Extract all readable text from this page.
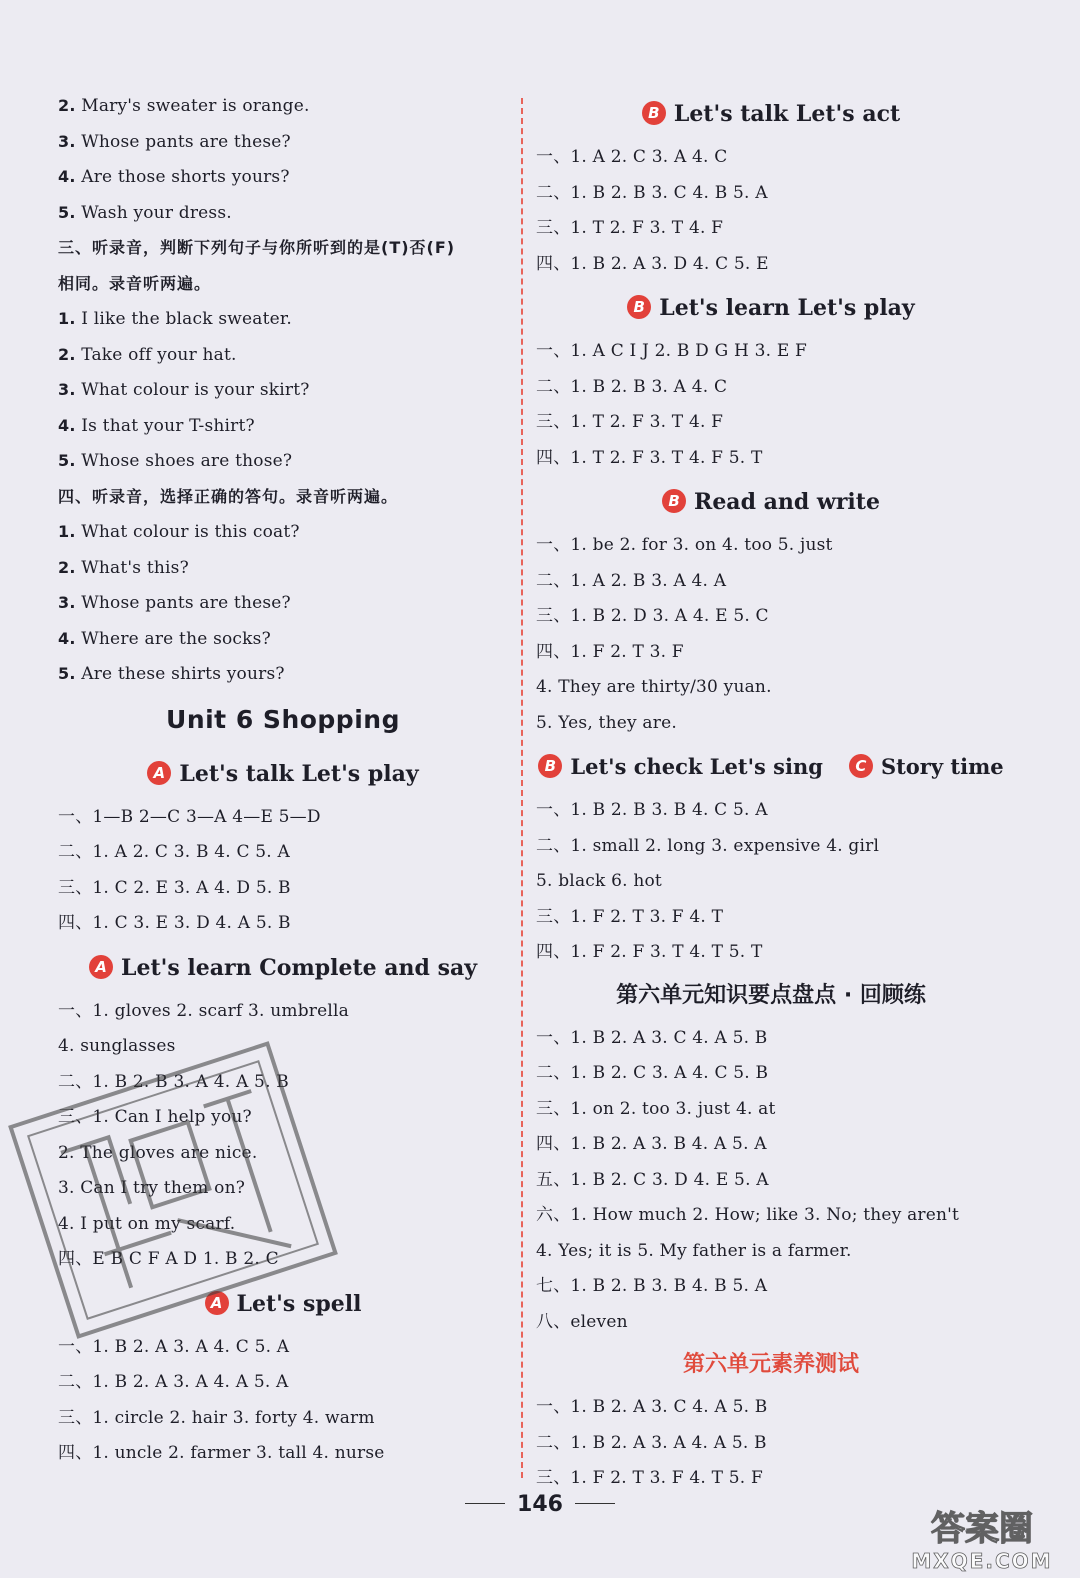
2. Mary's sweater is orange.
3. Whose pants are these?
4. Are those shorts yours?
5. Wash your dress.
三、听录音，判断下列句子与你所听到的是(T)否(F)
相同。录音听两遍。
1. I like the black sweater.
2. Take off your hat.
3. What colour is your skirt?
4. Is that your T-shirt?
5. Whose shoes are those?
四、听录音，选择正确的答句。录音听两遍。
1. What colour is this coat?
2. What's this?
3. Whose pants are these?
4. Where are the socks?
5. Are these shirts yours?
Unit 6 Shopping
A Let's talk Let's play
一、1—B 2—C 3—A 4—E 5—D
二、1. A 2. C 3. B 4. C 5. A
三、1. C 2. E 3. A 4. D 5. B
四、1. C 3. E 3. D 4. A 5. B
A Let's learn Complete and say
一、1. gloves 2. scarf 3. umbrella
4. sunglasses
二、1. B 2. B 3. A 4. A 5. B
三、1. Can I help you?
2. The gloves are nice.
3. Can I try them on?
4. I put on my scarf.
四、E B C F A D 1. B 2. C
A Let's spell
一、1. B 2. A 3. A 4. C 5. A
二、1. B 2. A 3. A 4. A 5. A
三、1. circle 2. hair 3. forty 4. warm
四、1. uncle 2. farmer 3. tall 4. nurse
B Let's talk Let's act
一、1. A 2. C 3. A 4. C
二、1. B 2. B 3. C 4. B 5. A
三、1. T 2. F 3. T 4. F
四、1. B 2. A 3. D 4. C 5. E
B Let's learn Let's play
一、1. A C I J 2. B D G H 3. E F
二、1. B 2. B 3. A 4. C
三、1. T 2. F 3. T 4. F
四、1. T 2. F 3. T 4. F 5. T
B Read and write
一、1. be 2. for 3. on 4. too 5. just
二、1. A 2. B 3. A 4. A
三、1. B 2. D 3. A 4. E 5. C
四、1. F 2. T 3. F
4. They are thirty/30 yuan.
5. Yes, they are.
B Let's check Let's sing C Story time
一、1. B 2. B 3. B 4. C 5. A
二、1. small 2. long 3. expensive 4. girl
5. black 6. hot
三、1. F 2. T 3. F 4. T
四、1. F 2. F 3. T 4. T 5. T
第六单元知识要点盘点 · 回顾练
一、1. B 2. A 3. C 4. A 5. B
二、1. B 2. C 3. A 4. C 5. B
三、1. on 2. too 3. just 4. at
四、1. B 2. A 3. B 4. A 5. A
五、1. B 2. C 3. D 4. E 5. A
六、1. How much 2. How; like 3. No; they aren't
4. Yes; it is 5. My father is a farmer.
七、1. B 2. B 3. B 4. B 5. A
八、eleven
第六单元素养测试
一、1. B 2. A 3. C 4. A 5. B
二、1. B 2. A 3. A 4. A 5. B
三、1. F 2. T 3. F 4. T 5. F
146
答案圈
MXQE.COM
